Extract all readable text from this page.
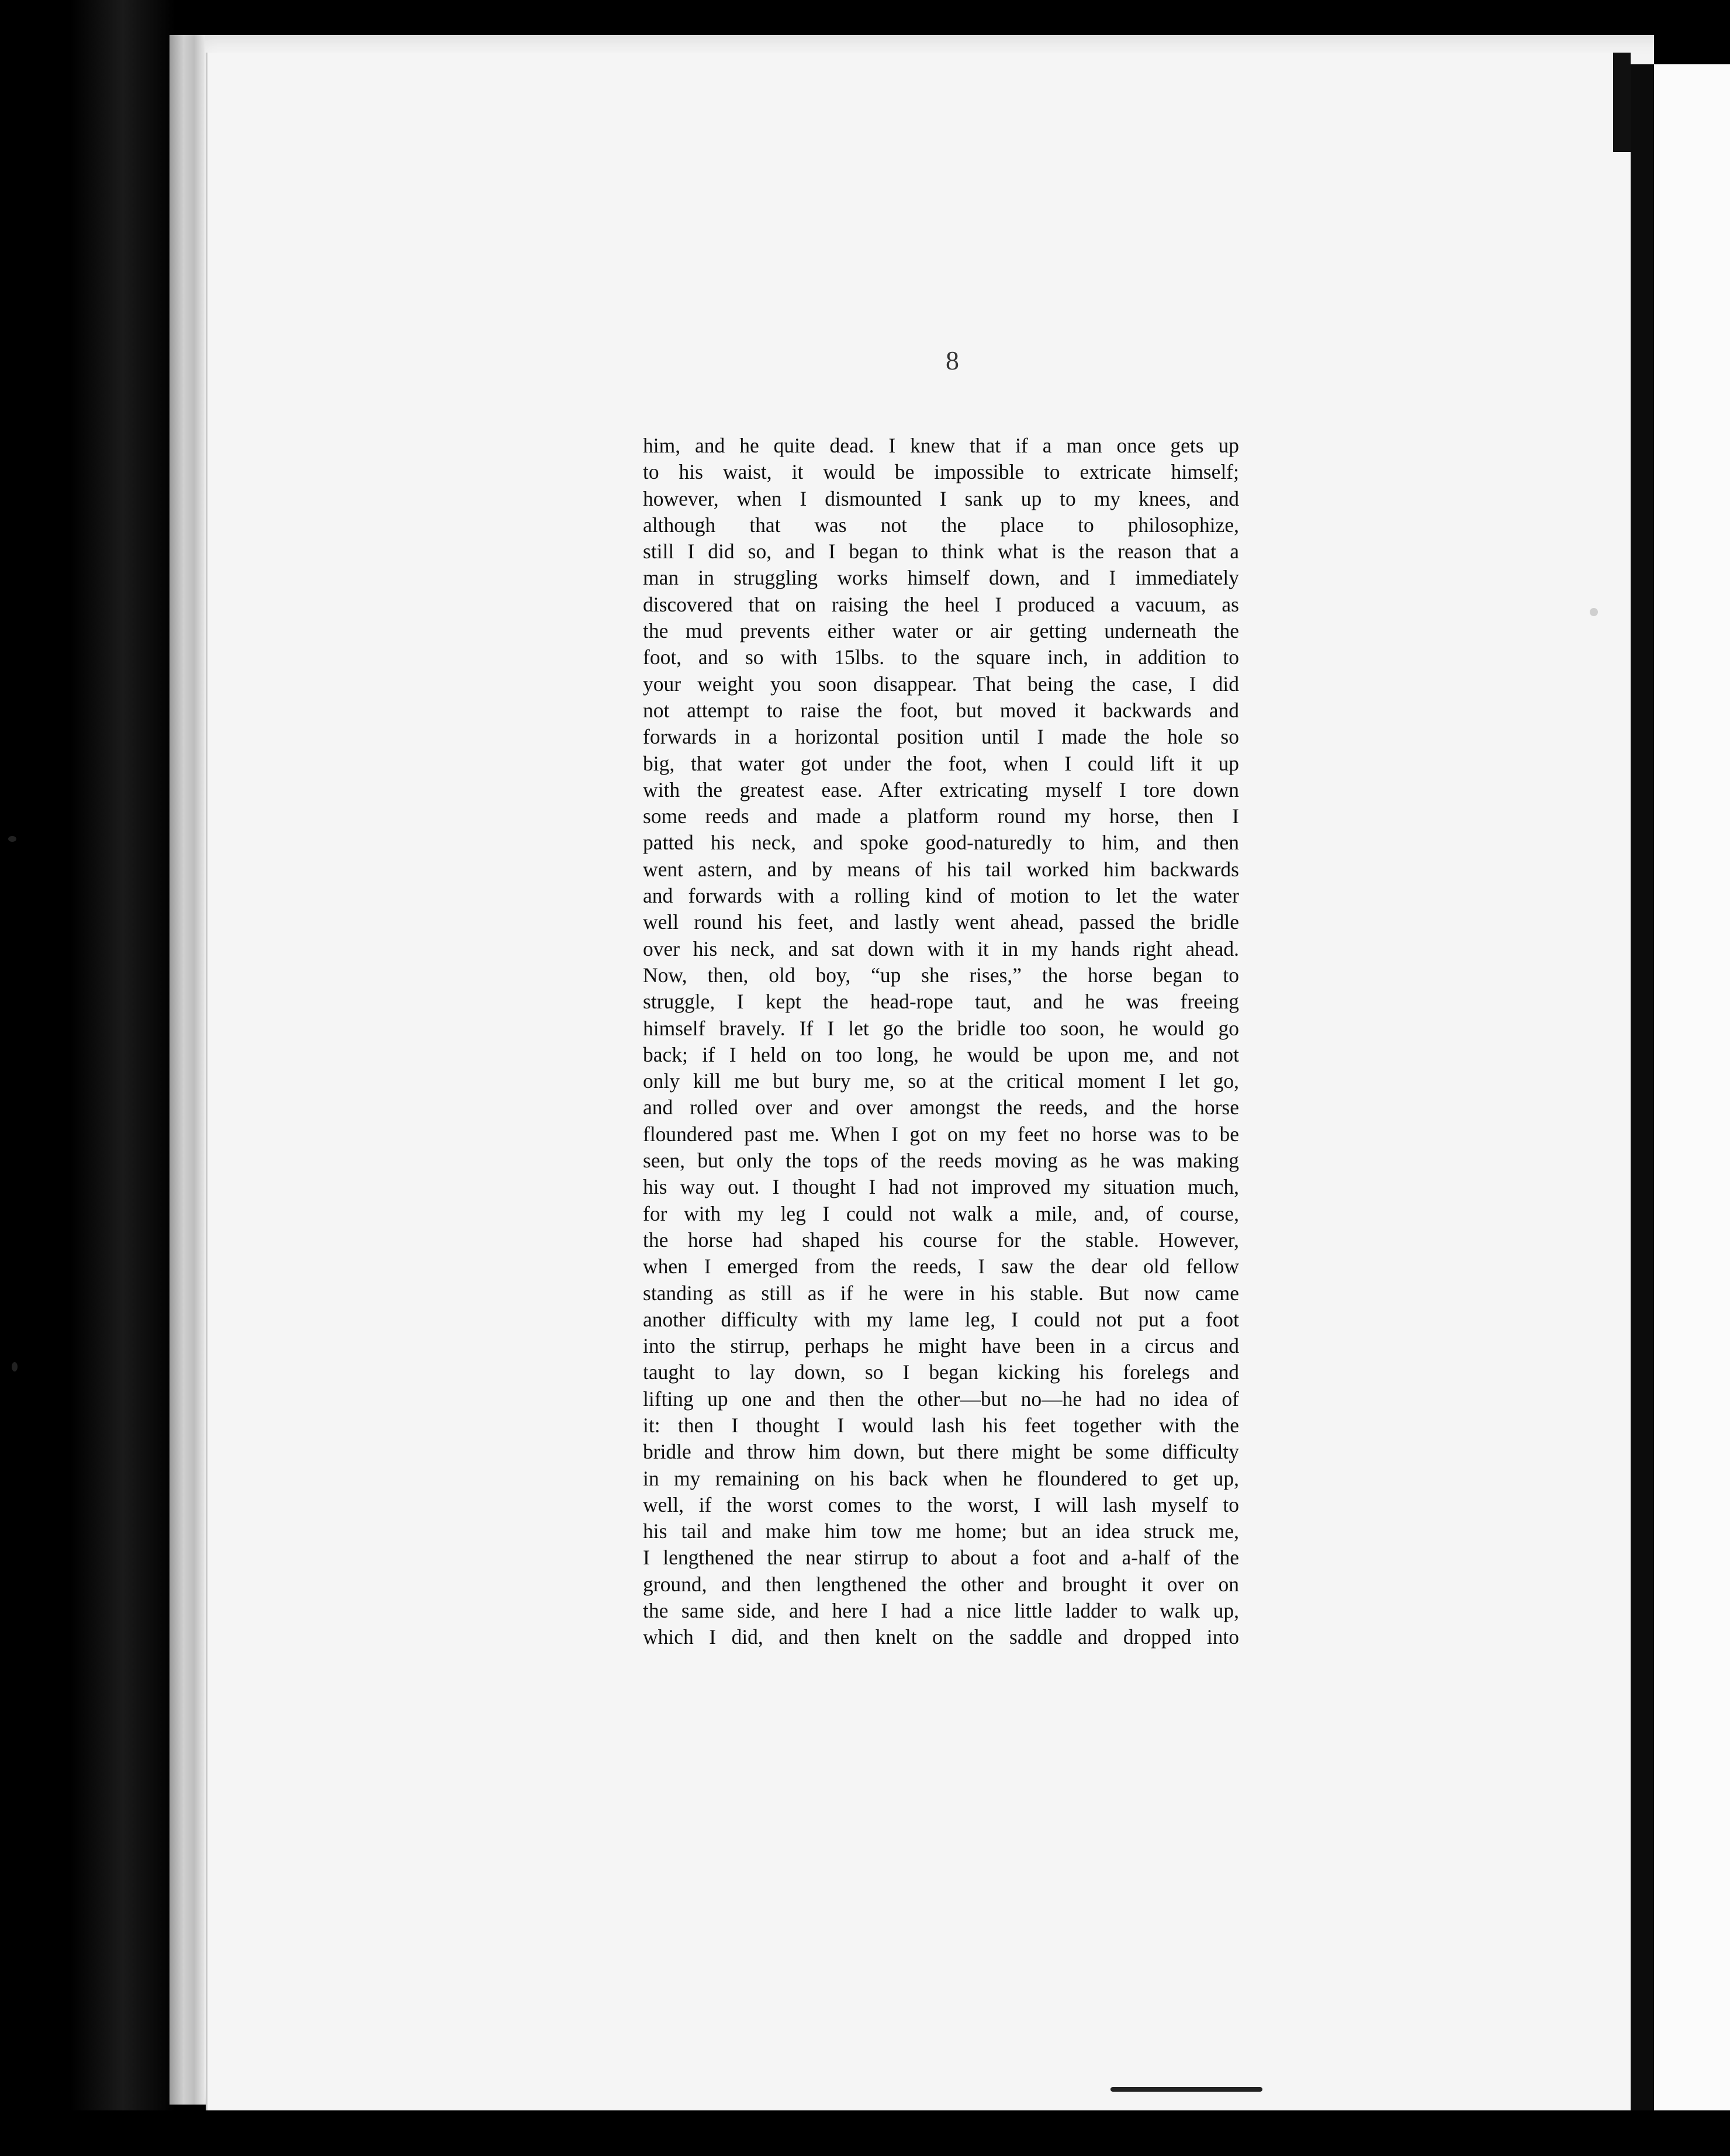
8
him, and he quite dead. I knew that if a man once gets up
to his waist, it would be impossible to extricate himself;
however, when I dismounted I sank up to my knees, and
although that was not the place to philosophize,
still I did so, and I began to think what is the reason that a
man in struggling works himself down, and I immediately
discovered that on raising the heel I produced a vacuum, as
the mud prevents either water or air getting underneath the
foot, and so with 15lbs. to the square inch, in addition to
your weight you soon disappear. That being the case, I did
not attempt to raise the foot, but moved it backwards and
forwards in a horizontal position until I made the hole so
big, that water got under the foot, when I could lift it up
with the greatest ease. After extricating myself I tore down
some reeds and made a platform round my horse, then I
patted his neck, and spoke good-naturedly to him, and then
went astern, and by means of his tail worked him backwards
and forwards with a rolling kind of motion to let the water
well round his feet, and lastly went ahead, passed the bridle
over his neck, and sat down with it in my hands right ahead.
Now, then, old boy, “up she rises,” the horse began to
struggle, I kept the head-rope taut, and he was freeing
himself bravely. If I let go the bridle too soon, he would go
back; if I held on too long, he would be upon me, and not
only kill me but bury me, so at the critical moment I let go,
and rolled over and over amongst the reeds, and the horse
floundered past me. When I got on my feet no horse was to be
seen, but only the tops of the reeds moving as he was making
his way out. I thought I had not improved my situation much,
for with my leg I could not walk a mile, and, of course,
the horse had shaped his course for the stable. However,
when I emerged from the reeds, I saw the dear old fellow
standing as still as if he were in his stable. But now came
another difficulty with my lame leg, I could not put a foot
into the stirrup, perhaps he might have been in a circus and
taught to lay down, so I began kicking his forelegs and
lifting up one and then the other—but no—he had no idea of
it: then I thought I would lash his feet together with the
bridle and throw him down, but there might be some difficulty
in my remaining on his back when he floundered to get up,
well, if the worst comes to the worst, I will lash myself to
his tail and make him tow me home; but an idea struck me,
I lengthened the near stirrup to about a foot and a-half of the
ground, and then lengthened the other and brought it over on
the same side, and here I had a nice little ladder to walk up,
which I did, and then knelt on the saddle and dropped into
